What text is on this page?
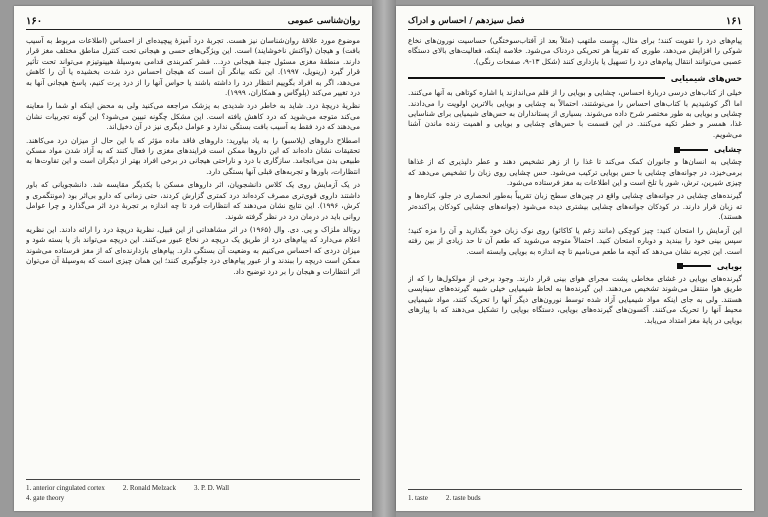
روان‌شناسی عمومی
۱۶۰

موضوع مورد علاقهٔ روان‌شناسان نیز هست. تجربهٔ درد آمیزهٔ پیچیده‌ای از احساس (اطلاعات مربوط به آسیب بافت) و هیجان (واکنش ناخوشایند) است. این ویژگی‌های حسی و هیجانی تحت کنترل مناطق مختلف مغز قرار دارند. منطقهٔ مغزی مسئول جنبهٔ هیجانی درد... قشر کمربندی قدامی به‌وسیلهٔ هیپنوتیزم می‌تواند تحت تأثیر قرار گیرد (رینویل، ۱۹۹۷). این نکته بیانگر آن است که هیجان احساس درد شدت بخشیده یا آن را کاهش می‌دهد، اگر به افراد بگوییم انتظار درد را داشته باشند یا حواس آنها را از درد پرت کنیم، پاسخ هیجانی آنها به درد تغییر می‌کند (پلوگاس و همکاران، ۱۹۹۹).

نظریهٔ دریچهٔ درد. شاید به خاطر درد شدیدی به پزشک مراجعه می‌کنید ولی به محض اینکه او شما را معاینه می‌کند متوجه می‌شوید که درد کاهش یافته است. این مشکل چگونه تبیین می‌شود؟ این گونه تجربیات نشان می‌دهند که درد فقط به آسیب بافت بستگی ندارد و عوامل دیگری نیز در آن دخیل‌اند.

اصطلاح داروهای (پلاسبو) را به یاد بیاورید: داروهای فاقد ماده مؤثر که با این حال از میزان درد می‌کاهند. تحقیقات نشان داده‌اند که این داروها ممکن است فرایندهای مغزی را فعال کنند که به آزاد شدن مواد مسکن طبیعی بدن می‌انجامد. سازگاری با درد و ناراحتی هیجانی در برخی افراد بهتر از دیگران است و این تفاوت‌ها به انتظارات، باورها و تجربه‌های قبلی آنها بستگی دارد.

در یک آزمایش روی یک کلاس دانشجویان، اثر داروهای مسکن با یکدیگر مقایسه شد. دانشجویانی که باور داشتند داروی قوی‌تری مصرف کرده‌اند درد کمتری گزارش کردند، حتی زمانی که دارو بی‌اثر بود (مونتگمری و کرش، ۱۹۹۶). این نتایج نشان می‌دهند که انتظارات فرد تا چه اندازه بر تجربهٔ درد اثر می‌گذارد و چرا عوامل روانی باید در درمان درد در نظر گرفته شوند.

رونالد ملزاک و پی. دی. وال (۱۹۶۵) در اثر مشاهداتی از این قبیل، نظریهٔ دریچهٔ درد را ارائه دادند. این نظریه اعلام می‌دارد که پیام‌های درد از طریق یک دریچه در نخاع عبور می‌کنند. این دریچه می‌تواند باز یا بسته شود و میزان دردی که احساس می‌کنیم به وضعیت آن بستگی دارد. پیام‌های بازدارنده‌ای که از مغز فرستاده می‌شوند ممکن است دریچه را ببندند و از عبور پیام‌های درد جلوگیری کنند؛ این همان چیزی است که به‌وسیلهٔ آن می‌توان اثر انتظارات و هیجان را بر درد توضیح داد.

1. anterior cingulated cortex	2. Ronald Melzack	3. P. D. Wall
4. gate theory
۱۶۱
فصل سیزدهم / احساس و ادراک

پیام‌های درد را تقویت کنند؛ برای مثال، پوست ملتهب (مثلاً بعد از آفتاب‌سوختگی) حساسیت نورون‌های نخاع شوکی را افزایش می‌دهد، طوری که تقریباً هر تحریکی دردناک می‌شود. خلاصه اینکه، فعالیت‌های بالای دستگاه عصبی می‌توانند انتقال پیام‌های درد را تسهیل یا بازداری کنند (شکل ۱۳-۹، صفحات رنگی).

حس‌های شیمیایی

خیلی از کتاب‌های درسی دربارهٔ احساس، چشایی و بویایی را از قلم می‌اندازند یا اشاره کوتاهی به آنها می‌کنند. اما اگر کوشیدیم با کتاب‌های احساس را می‌نوشتند، احتمالاً به چشایی و بویایی بالاترین اولویت را می‌دادند. چشایی و بویایی به طور مختصر شرح داده می‌شوند. بسیاری از پستانداران به حس‌های شیمیایی برای شناسایی غذا، همسر و خطر تکیه می‌کنند. در این قسمت با حس‌های چشایی و بویایی و اهمیت زنده ماندن آشنا می‌شویم.

چشایی

چشایی به انسان‌ها و جانوران کمک می‌کند تا غذا را از زهر تشخیص دهند و عطر دلپذیری که از غذاها برمی‌خیزد، در جوانه‌های چشایی با حس بویایی ترکیب می‌شود. حس چشایی روی زبان را تشخیص می‌دهد که چیزی شیرین، ترش، شور یا تلخ است و این اطلاعات به مغز فرستاده می‌شود.

گیرنده‌های چشایی در جوانه‌های چشایی واقع در چین‌های سطح زبان تقریباً به‌طور انحصاری در جلو، کناره‌ها و ته زبان قرار دارند. در کودکان جوانه‌های چشایی بیشتری دیده می‌شود (جوانه‌های چشایی کودکان پراکنده‌تر هستند).

این آزمایش را امتحان کنید: چیز کوچکی (مانند زغم یا کاکائو) روی نوک زبان خود بگذارید و آن را مزه کنید؛ سپس بینی خود را ببندید و دوباره امتحان کنید. احتمالاً متوجه می‌شوید که طعم آن تا حد زیادی از بین رفته است. این تجربه نشان می‌دهد که آنچه ما طعم می‌نامیم تا چه اندازه به بویایی وابسته است.

بویایی

گیرنده‌های بویایی در غشای مخاطی پشت مجرای هوای بینی قرار دارند. وجود برخی از مولکول‌ها را که از طریق هوا منتقل می‌شوند تشخیص می‌دهند. این گیرنده‌ها به لحاظ شیمیایی خیلی شبیه گیرنده‌های سیناپسی هستند. ولی به جای اینکه مواد شیمیایی آزاد شده توسط نورون‌های دیگر آنها را تحریک کنند، مواد شیمیایی محیط آنها را تحریک می‌کنند. آکسون‌های گیرنده‌های بویایی، دستگاه بویایی را تشکیل می‌دهند که با پیازهای بویایی در پایهٔ مغز امتداد می‌یابد.

1. taste	2. taste buds
